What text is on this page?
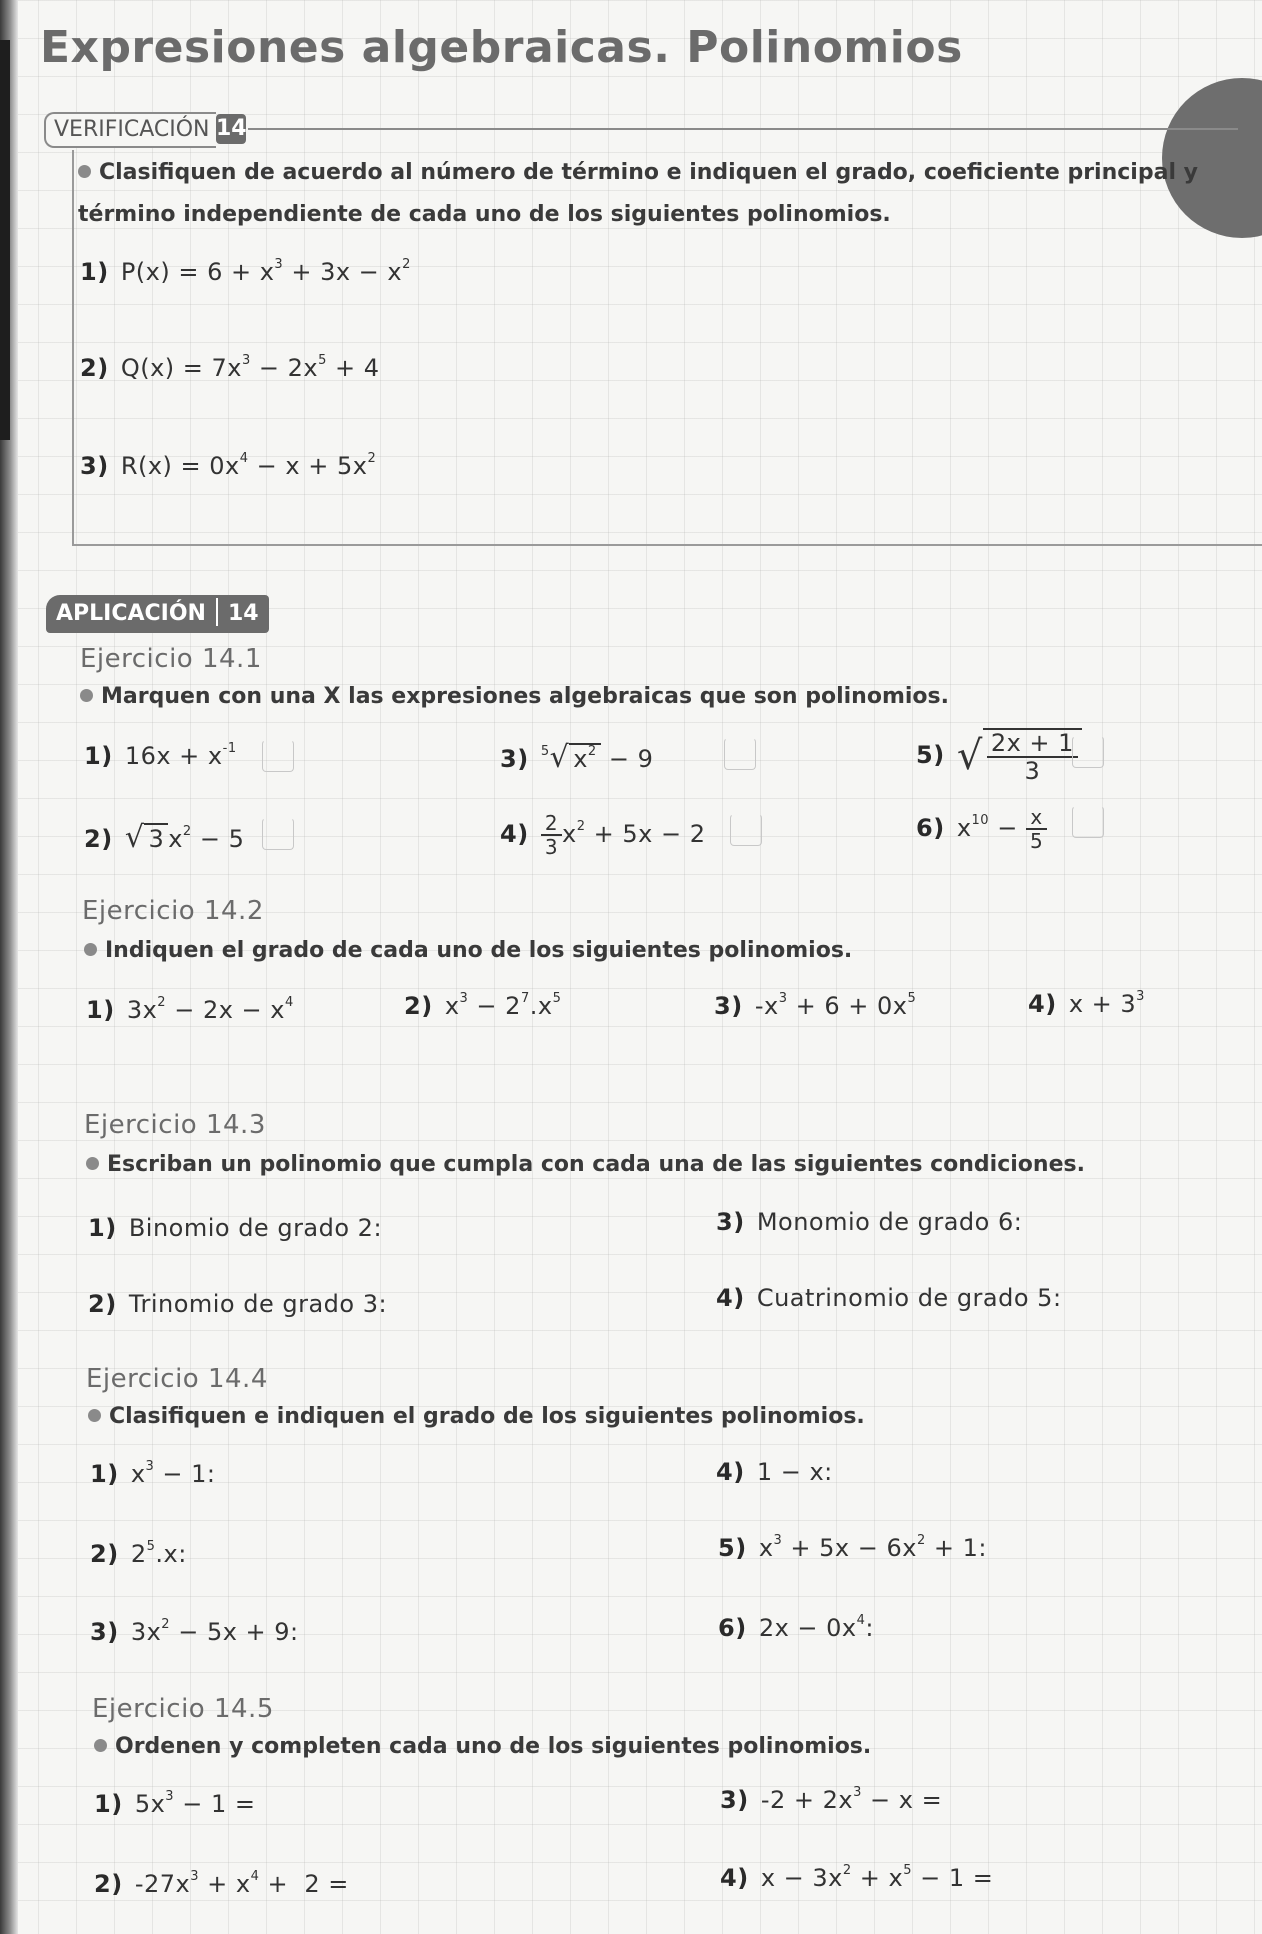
Expresiones algebraicas. Polinomios
VERIFICACIÓN 14
Clasifiquen de acuerdo al número de término e indiquen el grado, coeficiente principal y término independiente de cada uno de los siguientes polinomios.
1) $P(x) = 6 + x^3 + 3x - x^2$
2) $Q(x) = 7x^3 - 2x^5 + 4$
3) $R(x) = 0x^4 - x + 5x^2$
APLICACIÓN 14
Ejercicio 14.1
Marquen con una X las expresiones algebraicas que son polinomios.
1) $16x + x^{-1}$
2) √ 3 $x^2 - 5$
3) $^5$√ $x^2 - 9$
$4) \frac{2}{3} x^2 + 5x - 2$
5) √ $\frac{2x + 1}{3}$
6) $x^{10} - \frac{x}{5}$
Ejercicio 14.2
Indiquen el grado de cada uno de los siguientes polinomios.
1) $3x^2 - 2x - x^4$	2) $x^3 - 2^7.x^5$	3) $-x^3 + 6 + 0x^5$	4) $x + 3^3$
Ejercicio 14.3
Escriban un polinomio que cumpla con cada una de las siguientes condiciones.
1) Binomio de grado 2:
2) Trinomio de grado 3:
3) Monomio de grado 6:
4) Cuatrinomio de grado 5:
Ejercicio 14.4
Clasifiquen e indiquen el grado de los siguientes polinomios.
1) $x^3 - 1$:
2) $2^5.x$:
3) $3x^2 - 5x + 9$:
4) 1 − x:
5) $x^3 + 5x - 6x^2 + 1$:
6) $2x - 0x^4$:
Ejercicio 14.5
Ordenen y completen cada uno de los siguientes polinomios.
1) $5x^3 - 1$ =
2) $-27x^3 + x^4 + 2$ =
3) $-2 + 2x^3 - x$ =
4) $x - 3x^2 + x^5 - 1$ =
